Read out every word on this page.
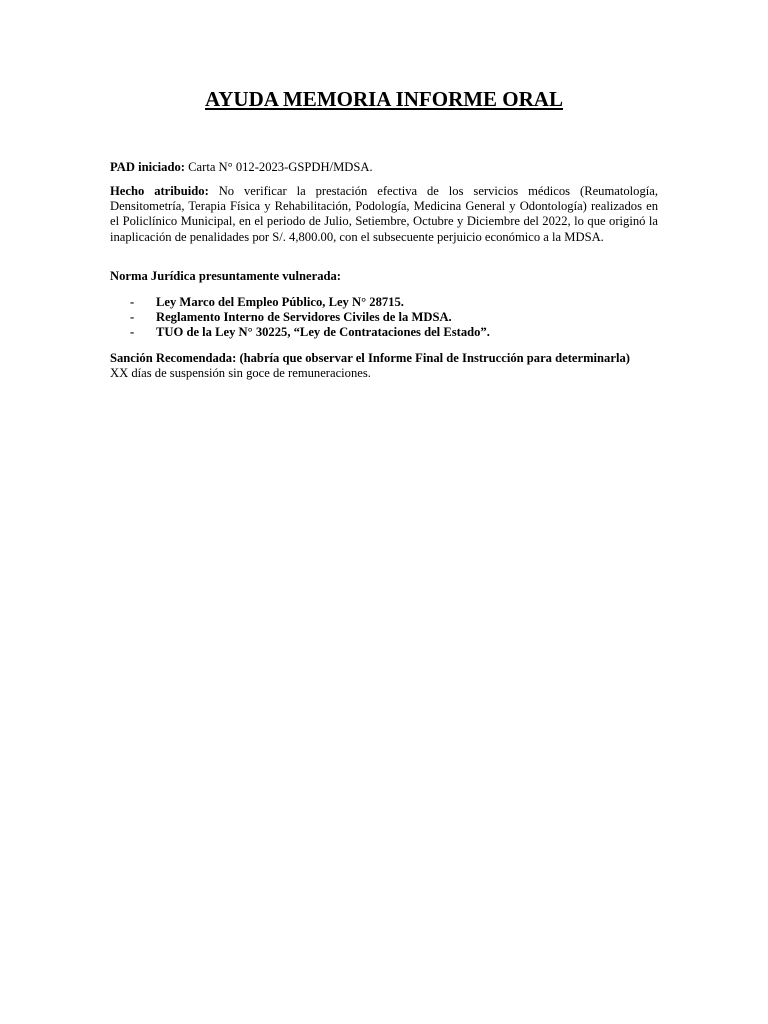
AYUDA MEMORIA INFORME ORAL

PAD iniciado: Carta N° 012-2023-GSPDH/MDSA.

Hecho atribuido: No verificar la prestación efectiva de los servicios médicos (Reumatología, Densitometría, Terapia Física y Rehabilitación, Podología, Medicina General y Odontología) realizados en el Policlínico Municipal, en el periodo de Julio, Setiembre, Octubre y Diciembre del 2022, lo que originó la inaplicación de penalidades por S/. 4,800.00, con el subsecuente perjuicio económico a la MDSA.

Norma Jurídica presuntamente vulnerada:

- Ley Marco del Empleo Público, Ley N° 28715.
- Reglamento Interno de Servidores Civiles de la MDSA.
- TUO de la Ley N° 30225, “Ley de Contrataciones del Estado”.

Sanción Recomendada: (habría que observar el Informe Final de Instrucción para determinarla)
XX días de suspensión sin goce de remuneraciones.
